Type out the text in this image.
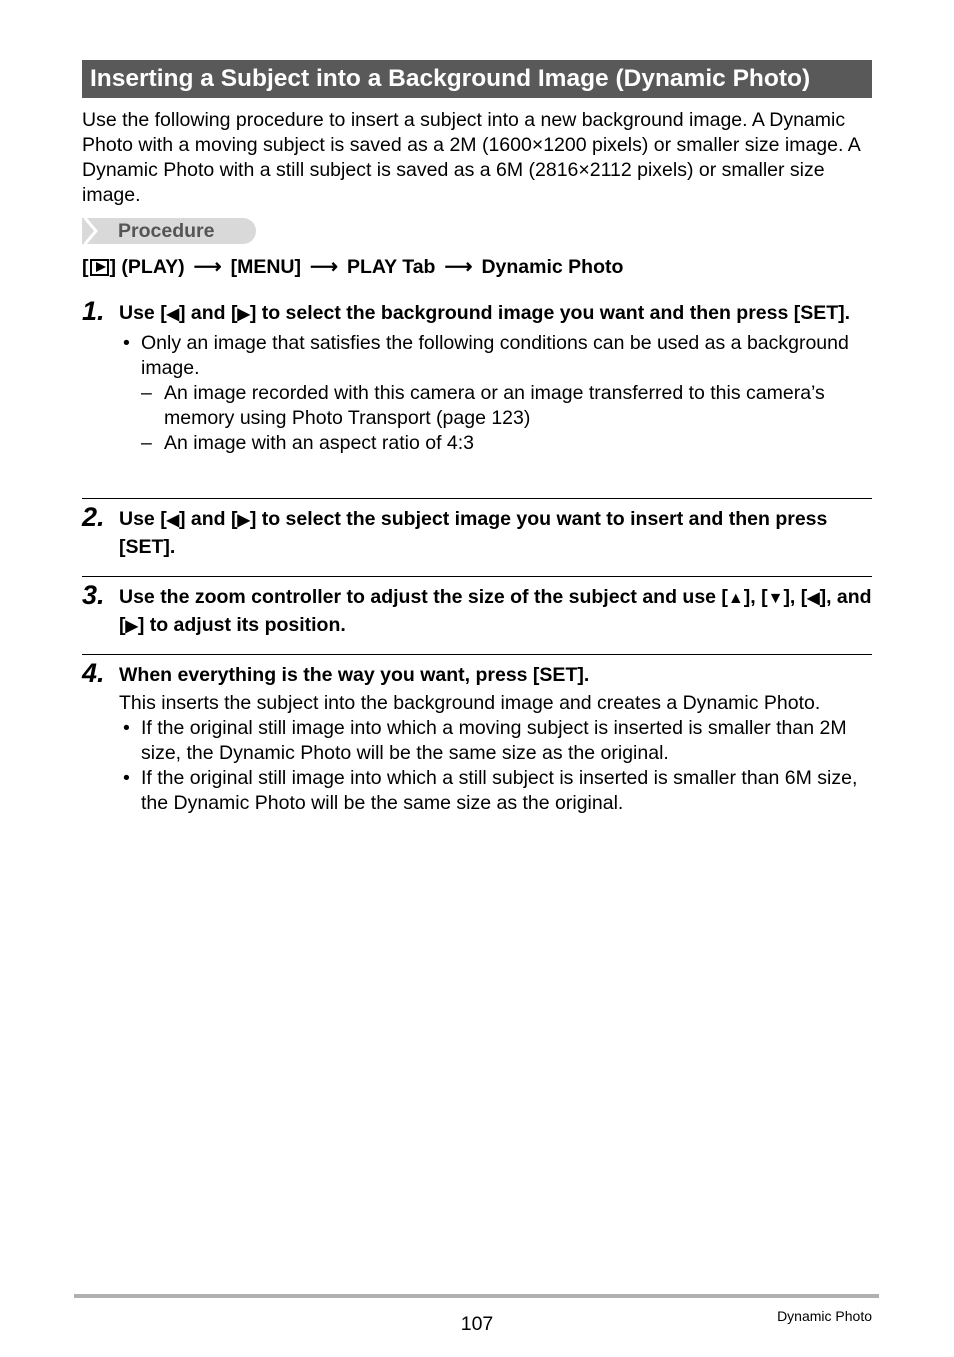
Inserting a Subject into a Background Image (Dynamic Photo)

Use the following procedure to insert a subject into a new background image. A Dynamic Photo with a moving subject is saved as a 2M (1600×1200 pixels) or smaller size image. A Dynamic Photo with a still subject is saved as a 6M (2816×2112 pixels) or smaller size image.

Procedure
[ ] (PLAY) ⟶ [MENU] ⟶ PLAY Tab ⟶ Dynamic Photo
1. Use [◀] and [▶] to select the background image you want and then press [SET].

• Only an image that satisfies the following conditions can be used as a background image.
– An image recorded with this camera or an image transferred to this camera’s memory using Photo Transport (page 123)
– An image with an aspect ratio of 4:3
2. Use [◀] and [▶] to select the subject image you want to insert and then press [SET].

3. Use the zoom controller to adjust the size of the subject and use [▲], [▼], [◀], and [▶] to adjust its position.

4. When everything is the way you want, press [SET].

This inserts the subject into the background image and creates a Dynamic Photo.
• If the original still image into which a moving subject is inserted is smaller than 2M size, the Dynamic Photo will be the same size as the original.
• If the original still image into which a still subject is inserted is smaller than 6M size, the Dynamic Photo will be the same size as the original.
107	Dynamic Photo
